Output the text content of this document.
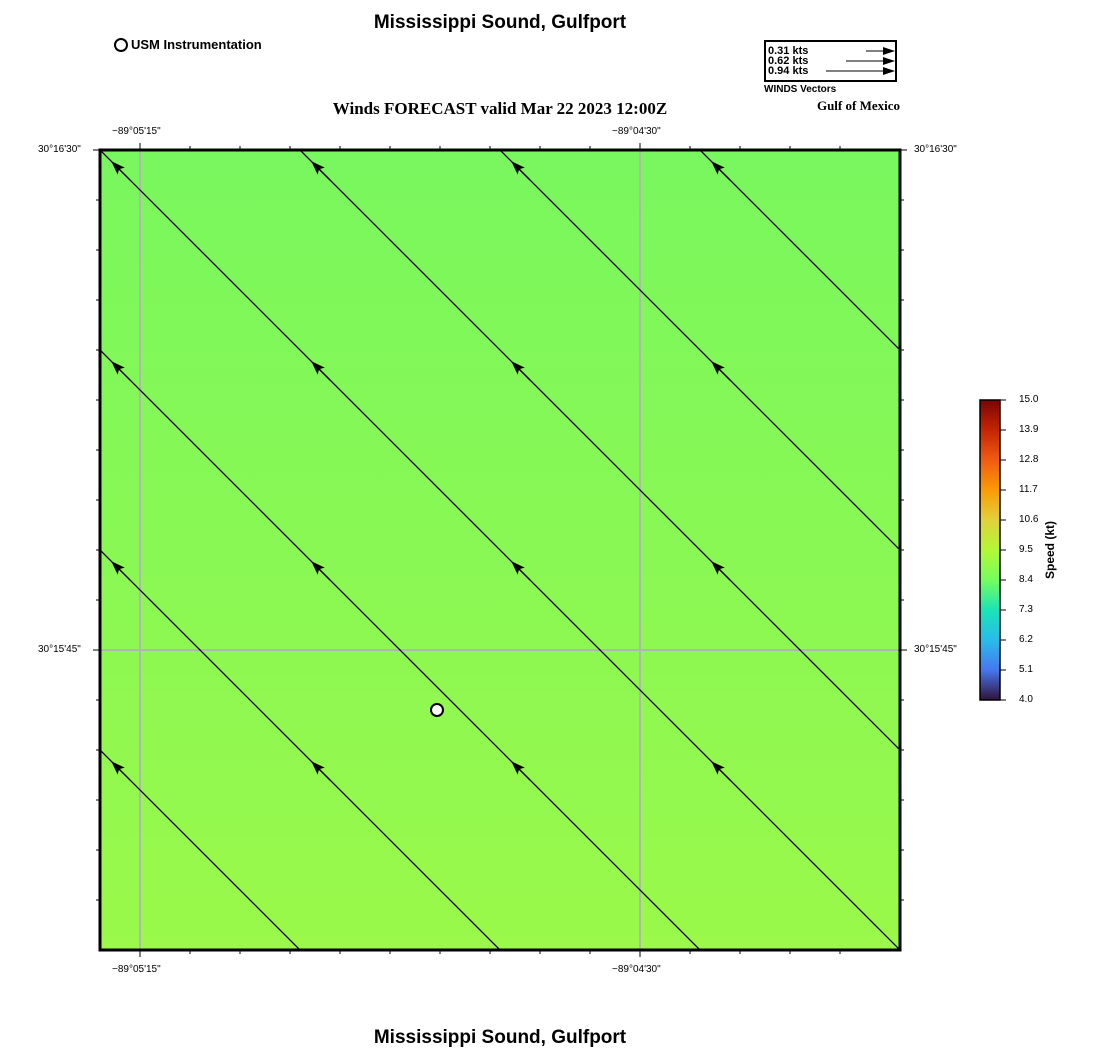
Mississippi Sound, Gulfport
USM Instrumentation
Winds FORECAST valid Mar 22 2023 12:00Z	Gulf of Mexico
0.31 kts
0.62 kts
0.94 kts
WINDS Vectors
−89°05'15"	−89°04'30"
−89°05'15"	−89°04'30"
30°16'30"
30°15'45"
30°16'30"
30°15'45"
15.0
13.9
12.8
11.7
10.6
9.5
8.4
7.3
6.2
5.1
4.0
Speed (kt)
Mississippi Sound, Gulfport
